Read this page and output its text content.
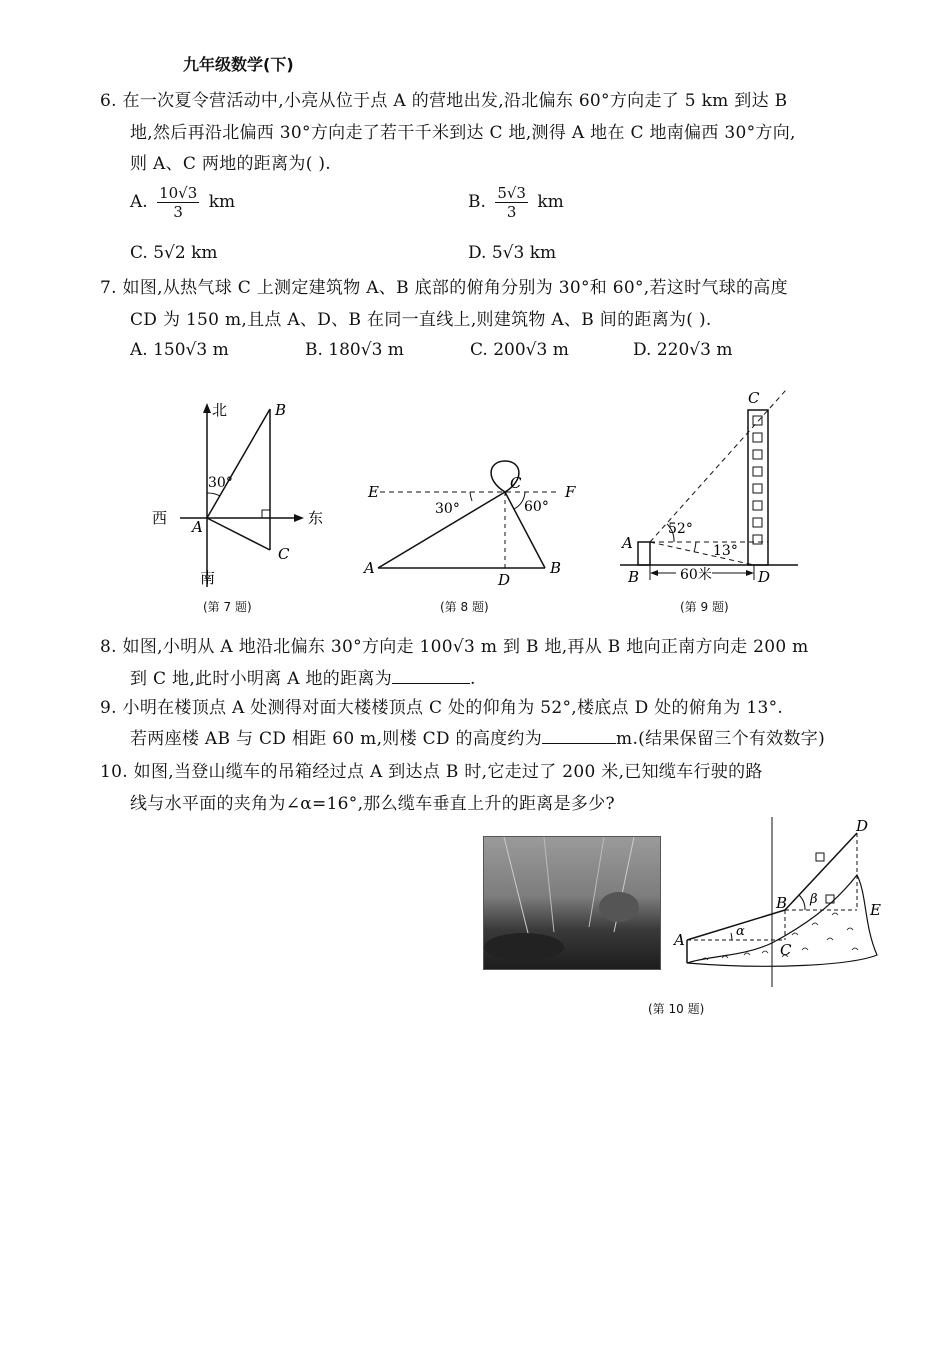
九年级数学(下)
6. 在一次夏令营活动中,小亮从位于点 A 的营地出发,沿北偏东 60°方向走了 5 km 到达 B
地,然后再沿北偏西 30°方向走了若干千米到达 C 地,测得 A 地在 C 地南偏西 30°方向,
则 A、C 两地的距离为( ).
A. $\frac{10√3}{3}$ km	B. $\frac{5√3}{3}$ km
C. 5√2 km	D. 5√3 km
7. 如图,从热气球 C 上测定建筑物 A、B 底部的俯角分别为 30°和 60°,若这时气球的高度
CD 为 150 m,且点 A、D、B 在同一直线上,则建筑物 A、B 间的距离为( ).
A. 150√3 m	B. 180√3 m	C. 200√3 m	D. 220√3 m
北
南
西	东
A
B
C
30°
(第 7 题)
E	F
C
A	B
D
30°	60°
(第 8 题)
A
B
C
D
52°
13°
60米
(第 9 题)
8. 如图,小明从 A 地沿北偏东 30°方向走 100√3 m 到 B 地,再从 B 地向正南方向走 200 m
到 C 地,此时小明离 A 地的距离为	.
9. 小明在楼顶点 A 处测得对面大楼楼顶点 C 处的仰角为 52°,楼底点 D 处的俯角为 13°.
若两座楼 AB 与 CD 相距 60 m,则楼 CD 的高度约为	m.(结果保留三个有效数字)
10. 如图,当登山缆车的吊箱经过点 A 到达点 B 时,它走过了 200 米,已知缆车行驶的路
线与水平面的夹角为∠α=16°,那么缆车垂直上升的距离是多少?
A
B
C
D
E
α
β
(第 10 题)
